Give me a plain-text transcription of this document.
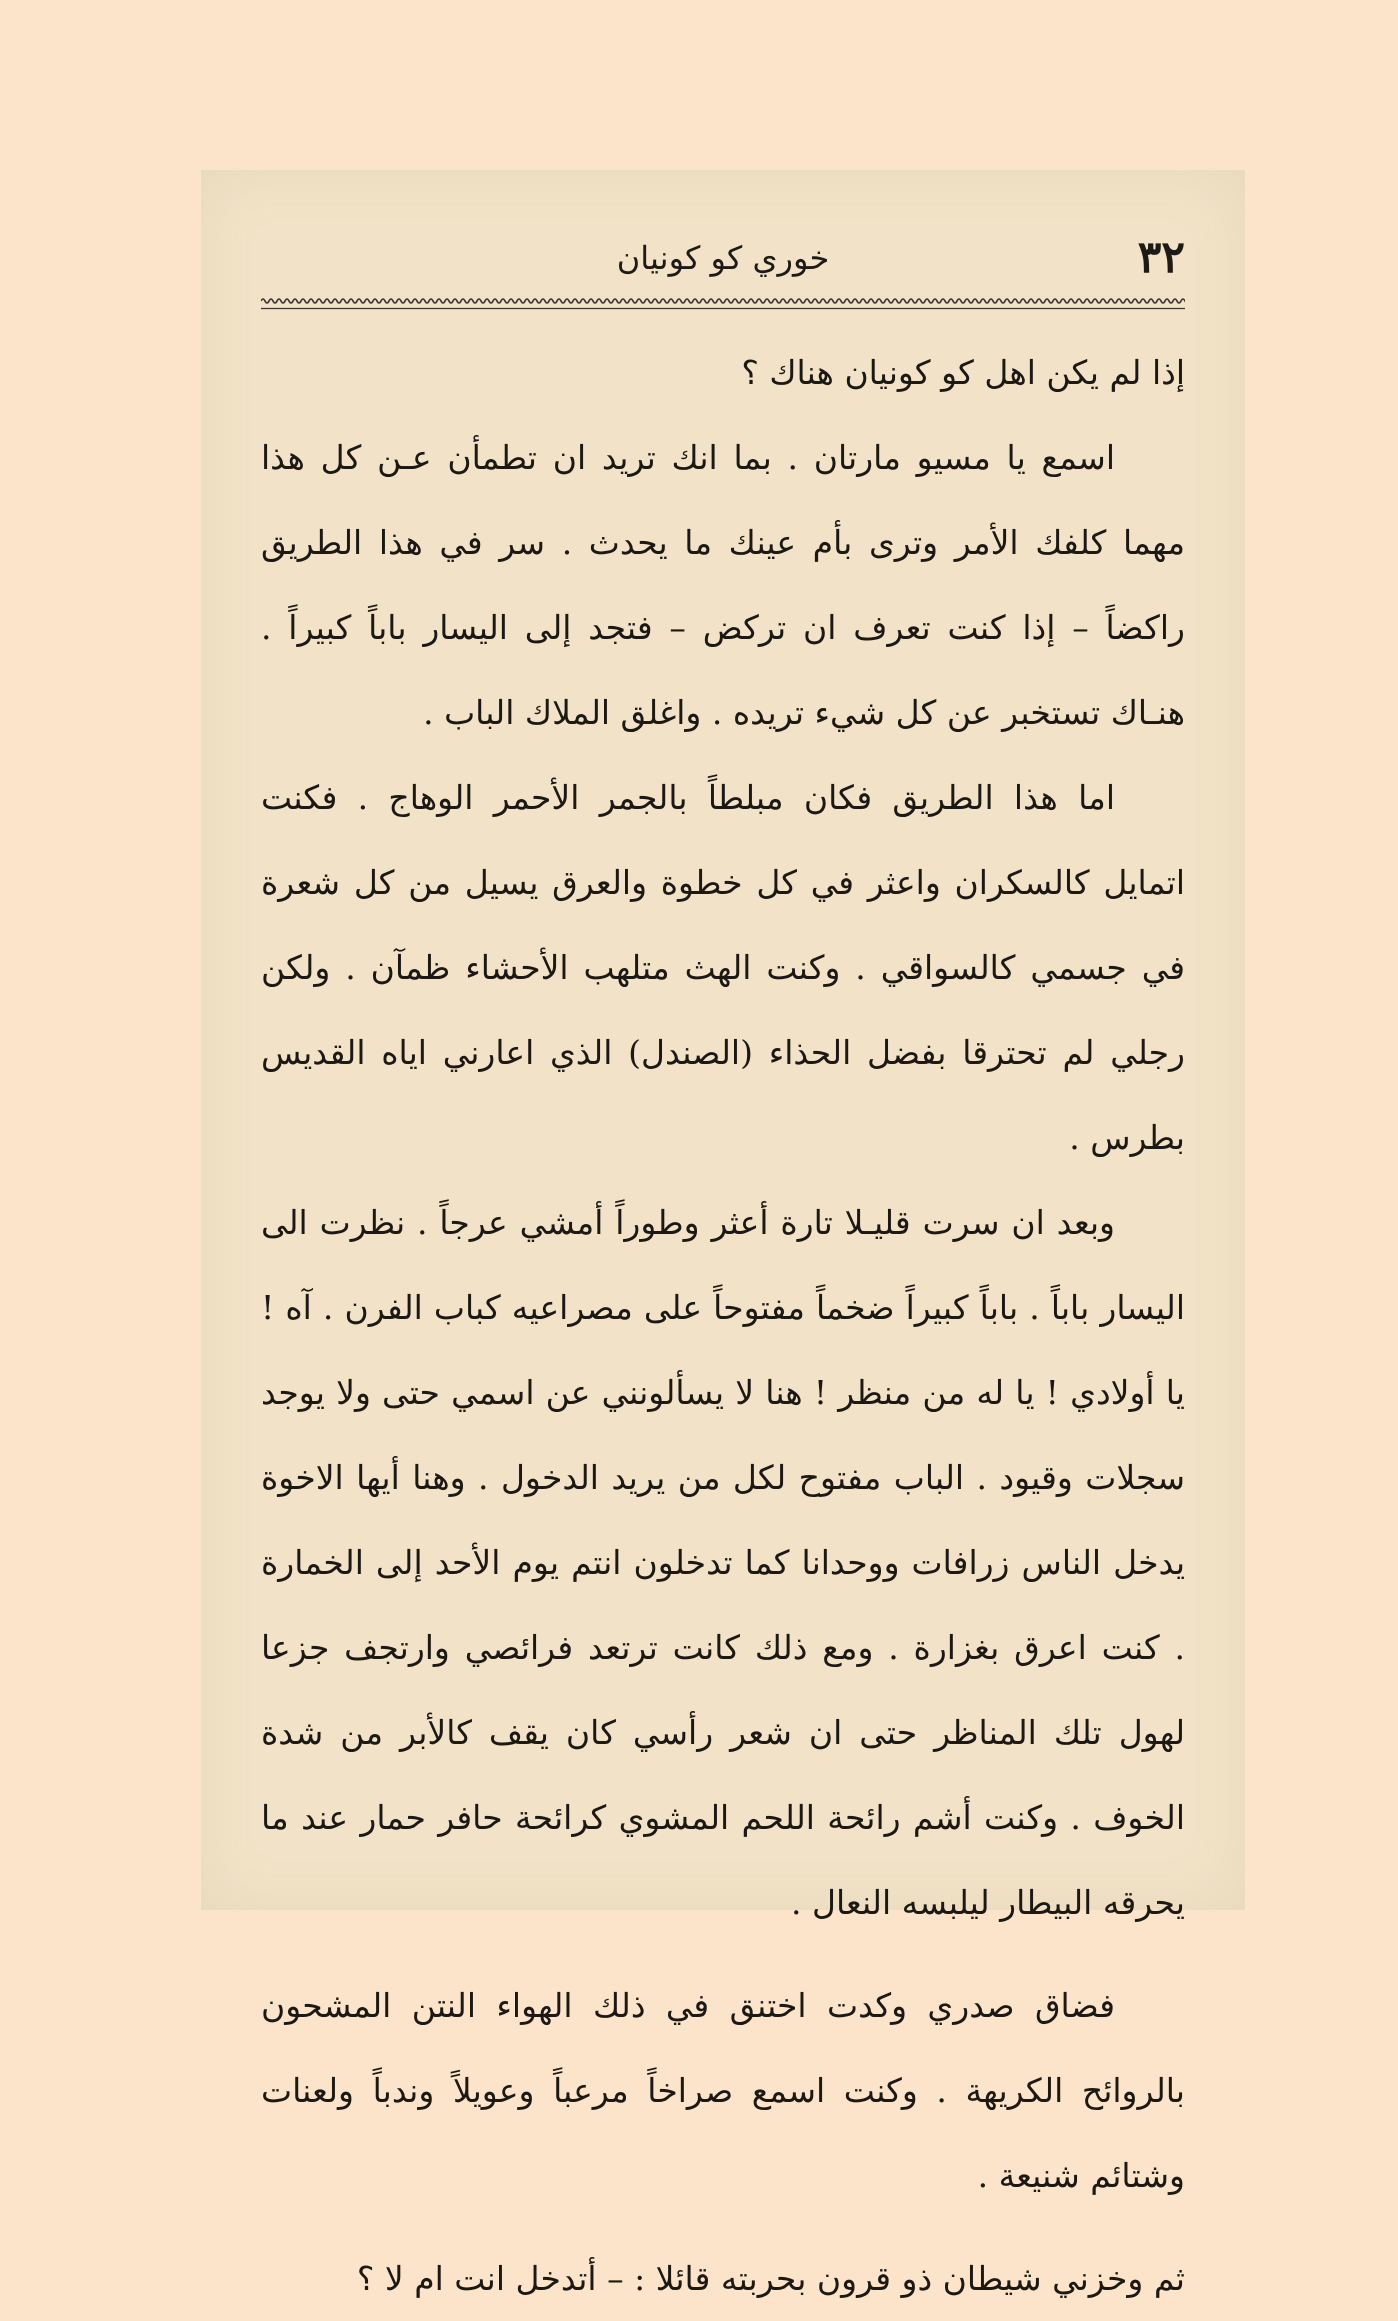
٣٢
خوري كو كونيان

إذا لم يكن اهل كو كونيان هناك ؟

اسمع يا مسيو مارتان . بما انك تريد ان تطمأن عـن كل هذا مهما كلفك الأمر وترى بأم عينك ما يحدث . سر في هذا الطريق راكضاً – إذا كنت تعرف ان تركض – فتجد إلى اليسار باباً كبيراً . هنـاك تستخبر عن كل شيء تريده . واغلق الملاك الباب .

اما هذا الطريق فكان مبلطاً بالجمر الأحمر الوهاج . فكنت اتمايل كالسكران واعثر في كل خطوة والعرق يسيل من كل شعرة في جسمي كالسواقي . وكنت الهث متلهب الأحشاء ظمآن . ولكن رجلي لم تحترقا بفضل الحذاء (الصندل) الذي اعارني اياه القديس بطرس .

وبعد ان سرت قليـلا تارة أعثر وطوراً أمشي عرجاً . نظرت الى اليسار باباً . باباً كبيراً ضخماً مفتوحاً على مصراعيه كباب الفرن . آه ! يا أولادي ! يا له من منظر ! هنا لا يسألونني عن اسمي حتى ولا يوجد سجلات وقيود . الباب مفتوح لكل من يريد الدخول . وهنا أيها الاخوة يدخل الناس زرافات ووحدانا كما تدخلون انتم يوم الأحد إلى الخمارة . كنت اعرق بغزارة . ومع ذلك كانت ترتعد فرائصي وارتجف جزعا لهول تلك المناظر حتى ان شعر رأسي كان يقف كالأبر من شدة الخوف . وكنت أشم رائحة اللحم المشوي كرائحة حافر حمار عند ما يحرقه البيطار ليلبسه النعال .

فضاق صدري وكدت اختنق في ذلك الهواء النتن المشحون بالروائح الكريهة . وكنت اسمع صراخاً مرعباً وعويلاً وندباً ولعنات وشتائم شنيعة .

ثم وخزني شيطان ذو قرون بحربته قائلا : – أتدخل انت ام لا ؟
